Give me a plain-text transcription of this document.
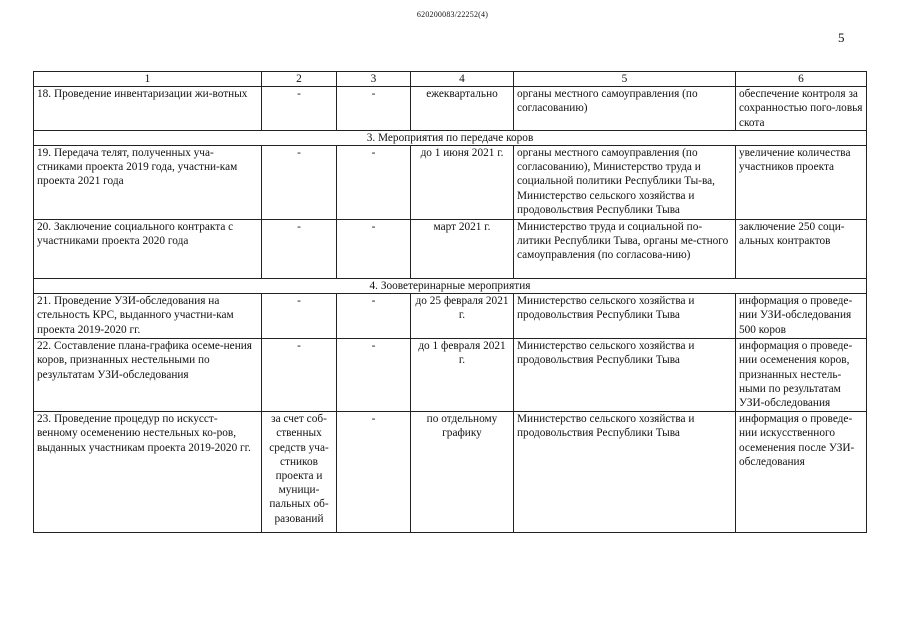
620200083/22252(4)
5
1	2	3	4	5	6
18. Проведение инвентаризации жи-вотных	-	-	ежеквартально	органы местного самоуправления (по согласованию)	обеспечение контроля за сохранностью пого-ловья скота
3. Мероприятия по передаче коров					
19. Передача телят, полученных уча-стниками проекта 2019 года, участни-кам проекта 2021 года	-	-	до 1 июня 2021 г.	органы местного самоуправления (по согласованию), Министерство труда и социальной политики Республики Ты-ва, Министерство сельского хозяйства и продовольствия Республики Тыва	увеличение количества участников проекта
20. Заключение социального контракта с участниками проекта 2020 года	-	-	март 2021 г.	Министерство труда и социальной по-литики Республики Тыва, органы ме-стного самоуправления (по согласова-нию)	заключение 250 соци-альных контрактов
4. Зооветеринарные мероприятия					
21. Проведение УЗИ-обследования на стельность КРС, выданного участни-кам проекта 2019-2020 гг.	-	-	до 25 февраля 2021 г.	Министерство сельского хозяйства и продовольствия Республики Тыва	информация о проведе-нии УЗИ-обследования 500 коров
22. Составление плана-графика осеме-нения коров, признанных нестельными по результатам УЗИ-обследования	-	-	до 1 февраля 2021 г.	Министерство сельского хозяйства и продовольствия Республики Тыва	информация о проведе-нии осеменения коров, признанных нестель-ными по результатам УЗИ-обследования
23. Проведение процедур по искусст-венному осеменению нестельных ко-ров, выданных участникам проекта 2019-2020 гг.	за счет соб-ственных средств уча-стников проекта и муници-пальных об-разований	-	по отдельному графику	Министерство сельского хозяйства и продовольствия Республики Тыва	информация о проведе-нии искусственного осеменения после УЗИ-обследования
